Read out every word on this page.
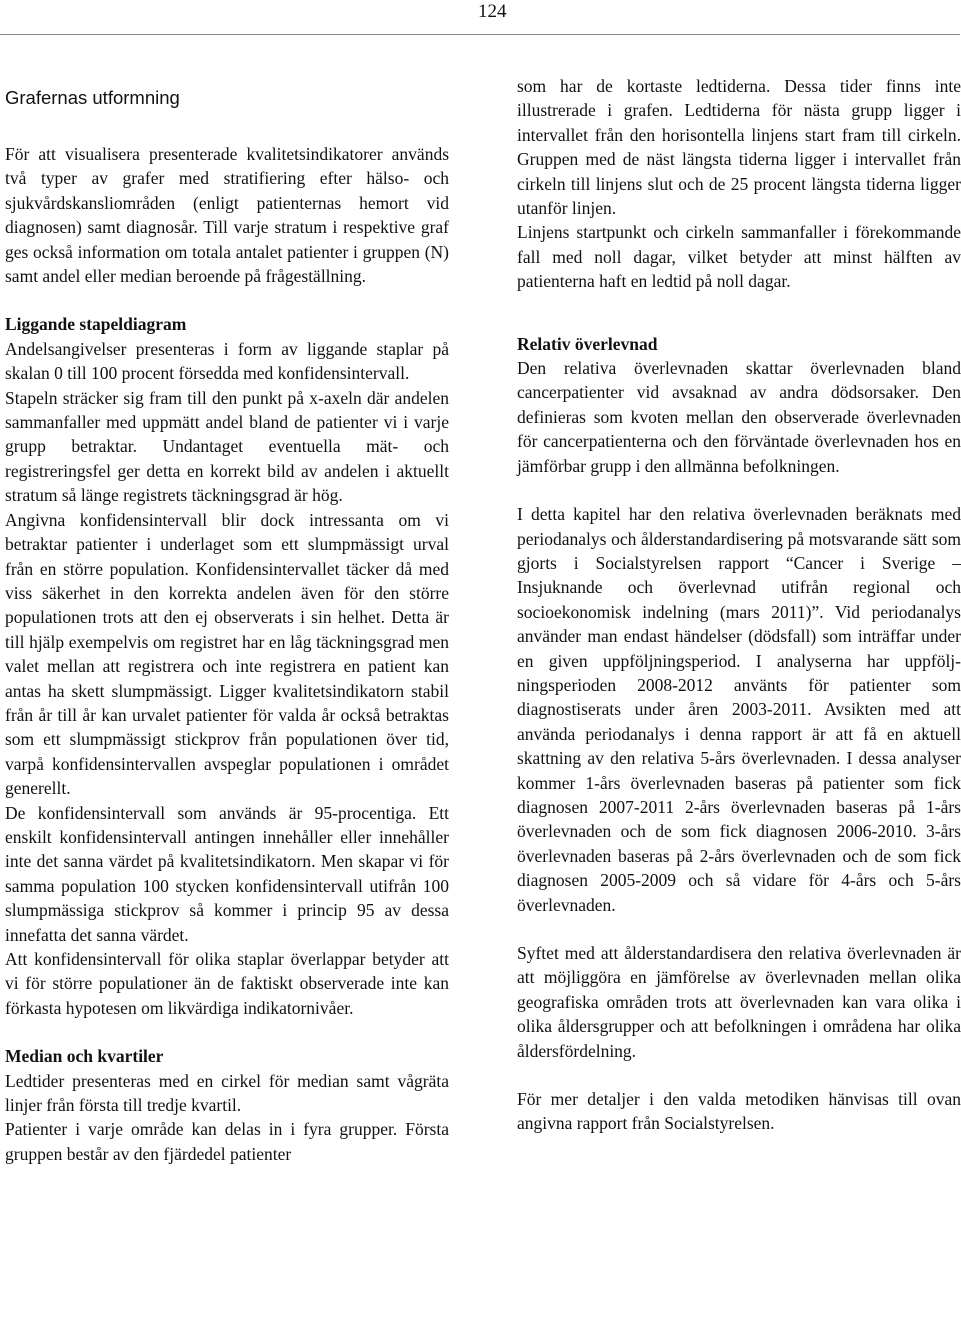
124
Grafernas utformning

För att visualisera presenterade kvalitetsindikatorer används två typer av grafer med stratifiering efter hälso- och sjukvårdskansliområden (enligt patienternas hemort vid diagnosen) samt diagnosår. Till varje stratum i respektive graf ges också information om totala antalet patienter i gruppen (N) samt andel eller median beroende på frågeställning.

Liggande stapeldiagram

Andelsangivelser presenteras i form av liggande staplar på skalan 0 till 100 procent försedda med konfidensintervall.

Stapeln sträcker sig fram till den punkt på x-axeln där andelen sammanfaller med uppmätt andel bland de patienter vi i varje grupp betraktar. Undantaget eventuella mät- och registreringsfel ger detta en korrekt bild av andelen i aktuellt stratum så länge registrets täckningsgrad är hög.

Angivna konfidensintervall blir dock intressanta om vi betraktar patienter i underlaget som ett slumpmässigt urval från en större population. Konfidensintervallet täcker då med viss säkerhet in den korrekta andelen även för den större populationen trots att den ej observerats i sin helhet. Detta är till hjälp exempelvis om registret har en låg täckningsgrad men valet mellan att registrera och inte registrera en patient kan antas ha skett slumpmässigt. Ligger kvalitetsindikatorn stabil från år till år kan urvalet patienter för valda år också betraktas som ett slumpmässigt stickprov från populationen över tid, varpå konfidensintervallen avspeglar populationen i området generellt.

De konfidensintervall som används är 95-procentiga. Ett enskilt konfidensintervall antingen innehåller eller innehåller inte det sanna värdet på kvalitetsindikatorn. Men skapar vi för samma population 100 stycken konfidensintervall utifrån 100 slumpmässiga stickprov så kommer i princip 95 av dessa innefatta det sanna värdet.

Att konfidensintervall för olika staplar överlappar betyder att vi för större populationer än de faktiskt observerade inte kan förkasta hypotesen om likvärdiga indikatornivåer.

Median och kvartiler

Ledtider presenteras med en cirkel för median samt vågräta linjer från första till tredje kvartil.

Patienter i varje område kan delas in i fyra grupper. Första gruppen består av den fjärdedel patienter

som har de kortaste ledtiderna. Dessa tider finns inte illustrerade i grafen. Ledtiderna för nästa grupp ligger i intervallet från den horisontella linjens start fram till cirkeln. Gruppen med de näst längsta tiderna ligger i intervallet från cirkeln till linjens slut och de 25 procent längsta tiderna ligger utanför linjen.

Linjens startpunkt och cirkeln sammanfaller i förekommande fall med noll dagar, vilket betyder att minst hälften av patienterna haft en ledtid på noll dagar.

Relativ överlevnad

Den relativa överlevnaden skattar överlevnaden bland cancerpatienter vid avsaknad av andra dödsorsaker. Den definieras som kvoten mellan den observerade överlevnaden för cancerpatienterna och den förväntade överlevnaden hos en jämförbar grupp i den allmänna befolkningen.

I detta kapitel har den relativa överlevnaden beräknats med periodanalys och ålderstandardisering på motsvarande sätt som gjorts i Socialstyrelsen rapport “Cancer i Sverige – Insjuknande och överlevnad utifrån regional och socioekonomisk indelning (mars 2011)”. Vid periodanalys använder man endast händelser (dödsfall) som inträffar under en given uppföljningsperiod. I analyserna har uppföljningsperioden 2008-2012 använts för patienter som diagnostiserats under åren 2003-2011. Avsikten med att använda periodanalys i denna rapport är att få en aktuell skattning av den relativa 5-års överlevnaden. I dessa analyser kommer 1-års överlevnaden baseras på patienter som fick diagnosen 2007-2011 2-års överlevnaden baseras på 1-års överlevnaden och de som fick diagnosen 2006-2010. 3-års överlevnaden baseras på 2-års överlevnaden och de som fick diagnosen 2005-2009 och så vidare för 4-års och 5-års överlevnaden.

Syftet med att ålderstandardisera den relativa överlevnaden är att möjliggöra en jämförelse av överlevnaden mellan olika geografiska områden trots att överlevnaden kan vara olika i olika åldersgrupper och att befolkningen i områdena har olika åldersfördelning.

För mer detaljer i den valda metodiken hänvisas till ovan angivna rapport från Socialstyrelsen.
